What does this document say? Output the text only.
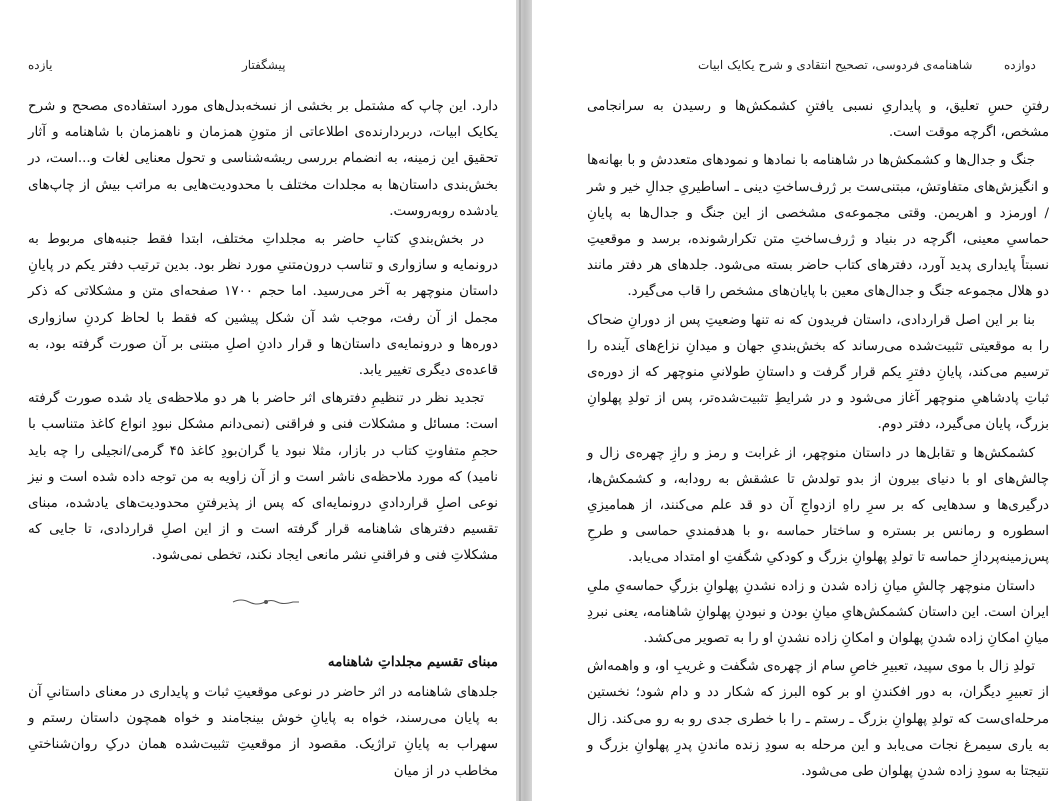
یازده	پیشگفتار

دارد. این چاپ که مشتمل بر بخشی از نسخه‌بدل‌های مورد استفاده‌ی مصحح و شرح یکایک ابیات، دربردارنده‌ی اطلاعاتی از متونِ همزمان و ناهمزمان با شاهنامه و آثار تحقیق این زمینه، به انضمام بررسی ریشه‌شناسی و تحول معنایی لغات و...است، در بخش‌بندی داستان‌ها به مجلدات مختلف با محدودیت‌هایی به مراتب بیش از چاپ‌های یادشده روبه‌روست.

در بخش‌بندیِ کتابِ حاضر به مجلداتِ مختلف، ابتدا فقط جنبه‌های مربوط به درونمایه و سازواری و تناسب درون‌متنیِ مورد نظر بود. بدین ترتیب دفتر یکم در پایانِ داستان منوچهر به آخر می‌رسید. اما حجم ۱۷۰۰ صفحه‌ای متن و مشکلاتی که ذکر مجمل از آن رفت، موجب شد آن شکل پیشین که فقط با لحاظ کردنِ سازواری دوره‌ها و درونمایه‌ی داستان‌ها و قرار دادنِ اصلِ مبتنی بر آن صورت گرفته بود، به قاعده‌ی دیگری تغییر یابد.

تجدید نظر در تنظیمِ دفترهای اثر حاضر با هر دو ملاحظه‌ی یاد شده صورت گرفته است: مسائل و مشکلات فنی و فراقنی (نمی‌دانم مشکل نبودِ انواع کاغذ متناسب با حجمِ متفاوتِ کتاب در بازار، مثلا نبود یا گران‌بودِ کاغذ ۴۵ گرمی/انجیلی را چه باید نامید) که مورد ملاحظه‌ی ناشر است و از آن زاویه به من توجه داده شده است و نیز نوعی اصلِ قراردادیِ درونمایه‌ای که پس از پذیرفتنِ محدودیت‌های یادشده، مبنای تقسیم دفترهای شاهنامه قرار گرفته است و از این اصلِ قراردادی، تا جایی که مشکلاتِ فنی و فراقنیِ نشر مانعی ایجاد نکند، تخطی نمی‌شود.

مبنای تقسیم مجلداتِ شاهنامه

جلدهای شاهنامه در اثر حاضر در نوعی موقعیتِ ثبات و پایداری در معنای داستانیِ آن به پایان می‌رسند، خواه به پایانِ خوش بینجامند و خواه همچون داستان رستم و سهراب به پایانِ تراژیک. مقصود از موقعیتِ تثبیت‌شده همان درکِ روان‌شناختیِ مخاطب در از میان

شاهنامه‌ی فردوسی، تصحیح انتقادی و شرح یکایک ابیات	دوازده

رفتنِ حسِ تعلیق، و پایداریِ نسبی یافتنِ کشمکش‌ها و رسیدن به سرانجامی مشخص، اگرچه موقت است.

جنگ و جدال‌ها و کشمکش‌ها در شاهنامه با نمادها و نمودهای متعددش و با بهانه‌ها و انگیزش‌های متفاوتش، مبتنی‌ست بر ژرف‌ساختِ دینی ـ اساطیریِ جدالِ خیر و شر / اورمزد و اهریمن. وقتی مجموعه‌ی مشخصی از این جنگ و جدال‌ها به پایانِ حماسیِ معینی، اگرچه در بنیاد و ژرف‌ساختِ متن تکرارشونده، برسد و موقعیتِ نسبتاً پایداری پدید آورد، دفترهای کتاب حاضر بسته می‌شود. جلدهای هر دفتر مانند دو هلال مجموعه جنگ و جدال‌های معین با پایان‌های مشخص را قاب می‌گیرد.

بنا بر این اصل قراردادی، داستان فریدون که نه تنها وضعیتِ پس از دورانِ ضحاک را به موقعیتی تثبیت‌شده می‌رساند که بخش‌بندیِ جهان و میدانِ نزاع‌های آینده را ترسیم می‌کند، پایانِ دفترِ یکم قرار گرفت و داستانِ طولانیِ منوچهر که از دوره‌ی ثباتِ پادشاهیِ منوچهر آغاز می‌شود و در شرایطِ تثبیت‌شده‌تر، پس از تولدِ پهلوانِ بزرگ، پایان می‌گیرد، دفتر دوم.

کشمکش‌ها و تقابل‌ها در داستان منوچهر، از غرابت و رمز و رازِ چهره‌ی زال و چالش‌های او با دنیای بیرون از بدو تولدش تا عشقش به رودابه، و کشمکش‌ها، درگیری‌ها و سدهایی که بر سرِ راهِ ازدواجِ آن دو قد علم می‌کنند، از همامیزیِ اسطوره و رمانس بر بستره و ساختار حماسه ،و با هدفمندیِ حماسی و طرحِ پس‌زمینه‌پردازِ حماسه تا تولدِ پهلوانِ بزرگ و کودکیِ شگفتِ او امتداد می‌یابد.

داستان منوچهر چالشِ میانِ زاده شدن و زاده نشدنِ پهلوانِ بزرگِ حماسه‌یِ ملیِ ایران است. این داستان کشمکش‌هایِ میانِ بودن و نبودنِ پهلوانِ شاهنامه، یعنی نبردِ میانِ امکانِ زاده شدنِ پهلوان و امکانِ زاده نشدنِ او را به تصویر می‌کشد.

تولدِ زال با موی سپید، تعبیرِ خاصِ سام از چهره‌ی شگفت و غریبِ او، و واهمه‌اش از تعبیرِ دیگران، به دور افکندنِ او بر کوه البرز که شکار دد و دام شود؛ نخستین مرحله‌ای‌ست که تولدِ پهلوانِ بزرگ ـ رستم ـ را با خطری جدی رو به رو می‌کند. زال به یاری سیمرغ نجات می‌یابد و این مرحله به سودِ زنده ماندنِ پدرِ پهلوانِ بزرگ و نتیجتا به سودِ زاده شدنِ پهلوان طی می‌شود.
